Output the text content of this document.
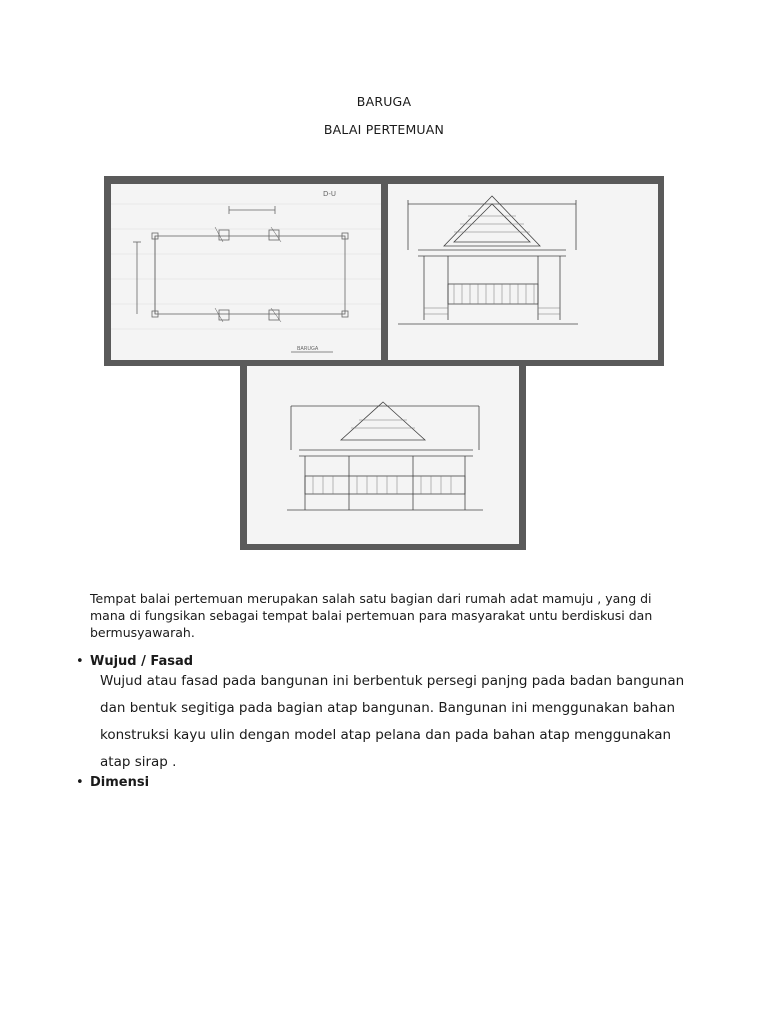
BARUGA
BALAI PERTEMUAN
D-U
BARUGA
Tempat balai pertemuan merupakan salah satu bagian dari rumah adat mamuju , yang di mana di fungsikan sebagai tempat balai pertemuan para masyarakat untu berdiskusi dan bermusyawarah.
• Wujud / Fasad
Wujud atau fasad pada bangunan ini berbentuk persegi panjng pada badan bangunan dan bentuk segitiga pada bagian atap bangunan. Bangunan ini menggunakan bahan konstruksi kayu ulin dengan model atap pelana dan pada bahan atap menggunakan atap sirap .
• Dimensi
